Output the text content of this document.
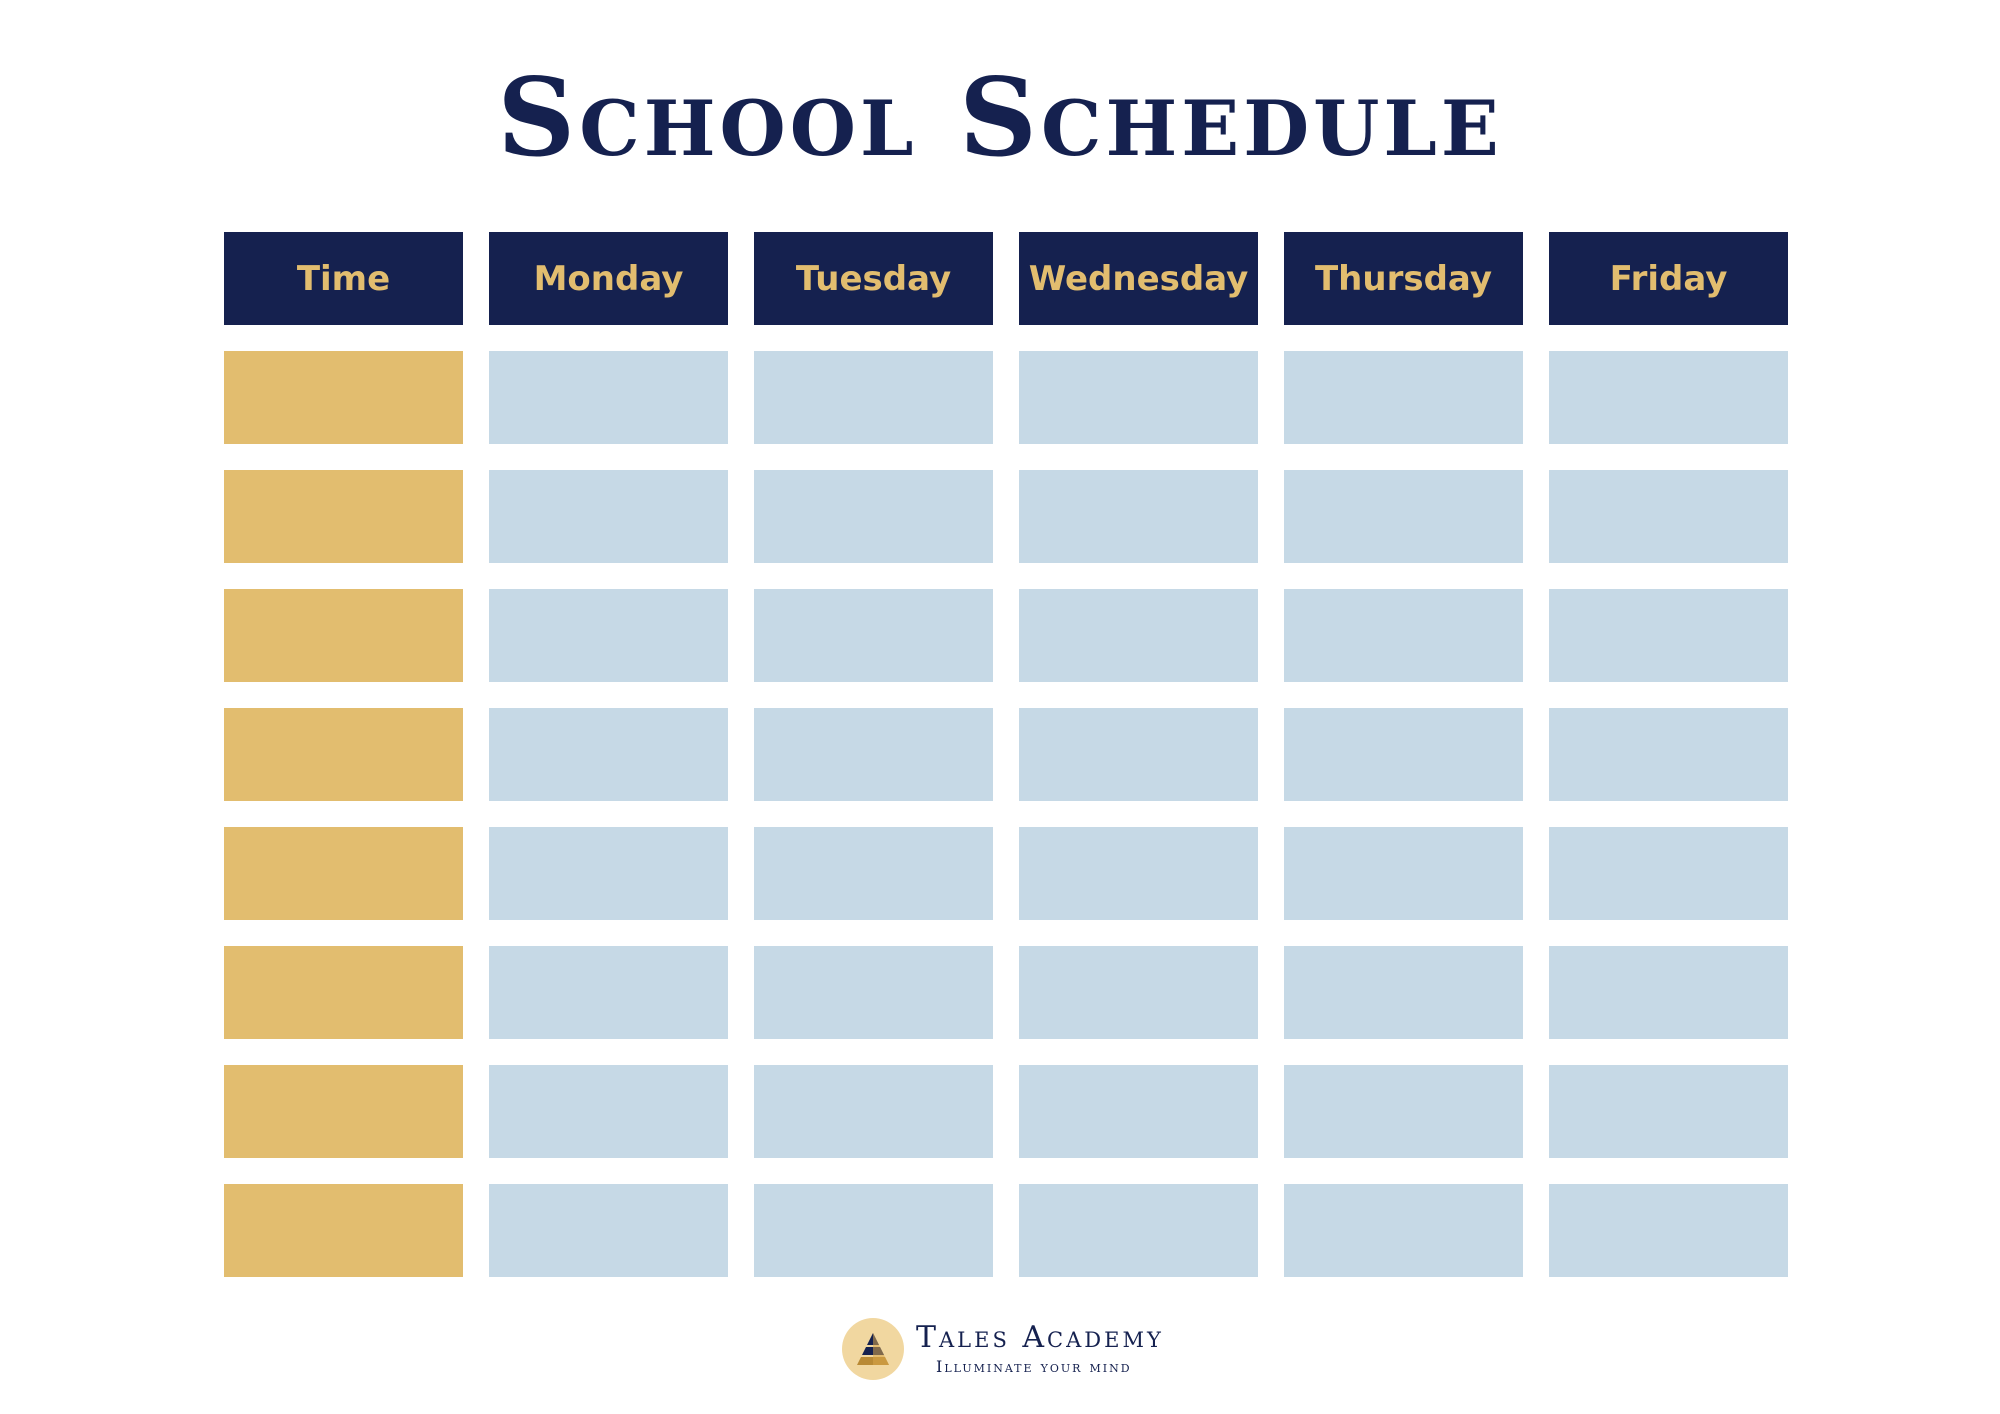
School Schedule
Time	Monday	Tuesday	Wednesday	Thursday	Friday
Tales Academy
Illuminate your mind
